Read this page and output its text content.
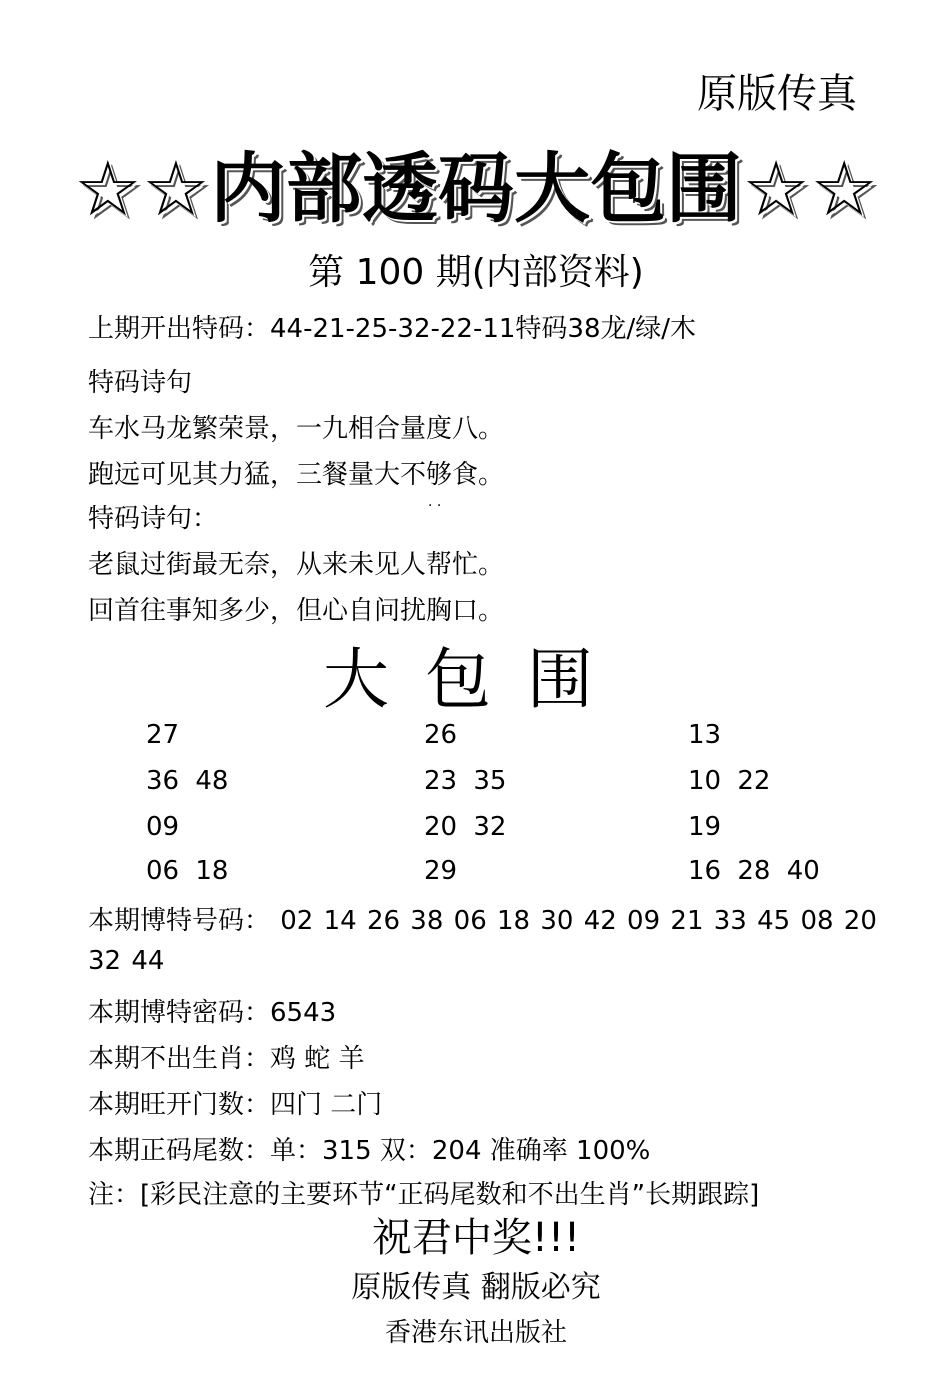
原版传真
☆☆内部透码大包围☆☆
第 100 期(内部资料)
上期开出特码：44-21-25-32-22-11特码38龙/绿/木
特码诗句
车水马龙繁荣景，一九相合量度八。
跑远可见其力猛，三餐量大不够食。
特码诗句：	· ·
老鼠过街最无奈，从来未见人帮忙。
回首往事知多少，但心自问扰胸口。
大包围
27	26	13
36 48	23 35	10 22
09	20 32	19
06 18	29	16 28 40
本期博特号码： 02 14 26 38 06 18 30 42 09 21 33 45 08 20
32 44
本期博特密码：6543
本期不出生肖：鸡 蛇 羊
本期旺开门数：四门 二门
本期正码尾数：单：315 双：204 准确率 100%
注：[彩民注意的主要环节“正码尾数和不出生肖”长期跟踪]
祝君中奖!!!
原版传真 翻版必究
香港东讯出版社
